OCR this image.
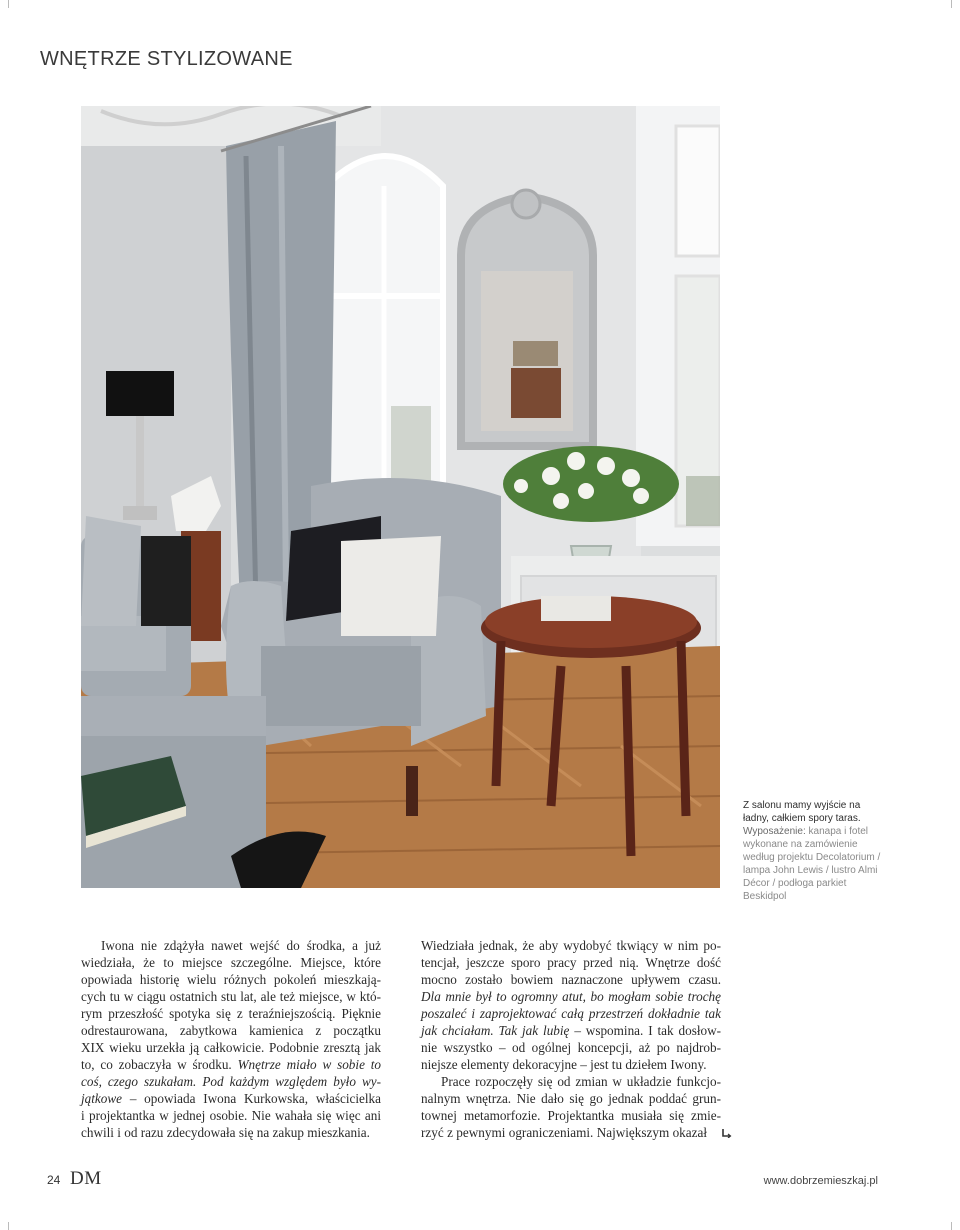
WNĘTRZE STYLIZOWANE
Z salonu mamy wyjście na ładny, całkiem spory taras.
Wyposażenie: kanapa i fotel wykonane na zamówienie według projektu Decolatorium / lampa John Lewis / lustro Almi Décor / podłoga parkiet Beskidpol
Iwona nie zdążyła nawet wejść do środka, a już
wiedziała, że to miejsce szczególne. Miejsce, które
opowiada historię wielu różnych pokoleń mieszkają-
cych tu w ciągu ostatnich stu lat, ale też miejsce, w któ-
rym przeszłość spotyka się z teraźniejszością. Pięknie
odrestaurowana, zabytkowa kamienica z początku
XIX wieku urzekła ją całkowicie. Podobnie zresztą jak
to, co zobaczyła w środku. Wnętrze miało w sobie to
coś, czego szukałam. Pod każdym względem było wy-
jątkowe – opowiada Iwona Kurkowska, właścicielka
i projektantka w jednej osobie. Nie wahała się więc ani
chwili i od razu zdecydowała się na zakup mieszkania.
Wiedziała jednak, że aby wydobyć tkwiący w nim po-
tencjał, jeszcze sporo pracy przed nią. Wnętrze dość
mocno zostało bowiem naznaczone upływem czasu.
Dla mnie był to ogromny atut, bo mogłam sobie trochę
poszaleć i zaprojektować całą przestrzeń dokładnie tak
jak chciałam. Tak jak lubię – wspomina. I tak dosłow-
nie wszystko – od ogólnej koncepcji, aż po najdrob-
niejsze elementy dekoracyjne – jest tu dziełem Iwony.
Prace rozpoczęły się od zmian w układzie funkcjo-
nalnym wnętrza. Nie dało się go jednak poddać grun-
townej metamorfozie. Projektantka musiała się zmie-
rzyć z pewnymi ograniczeniami. Największym okazał
24 DM	www.dobrzemieszkaj.pl
